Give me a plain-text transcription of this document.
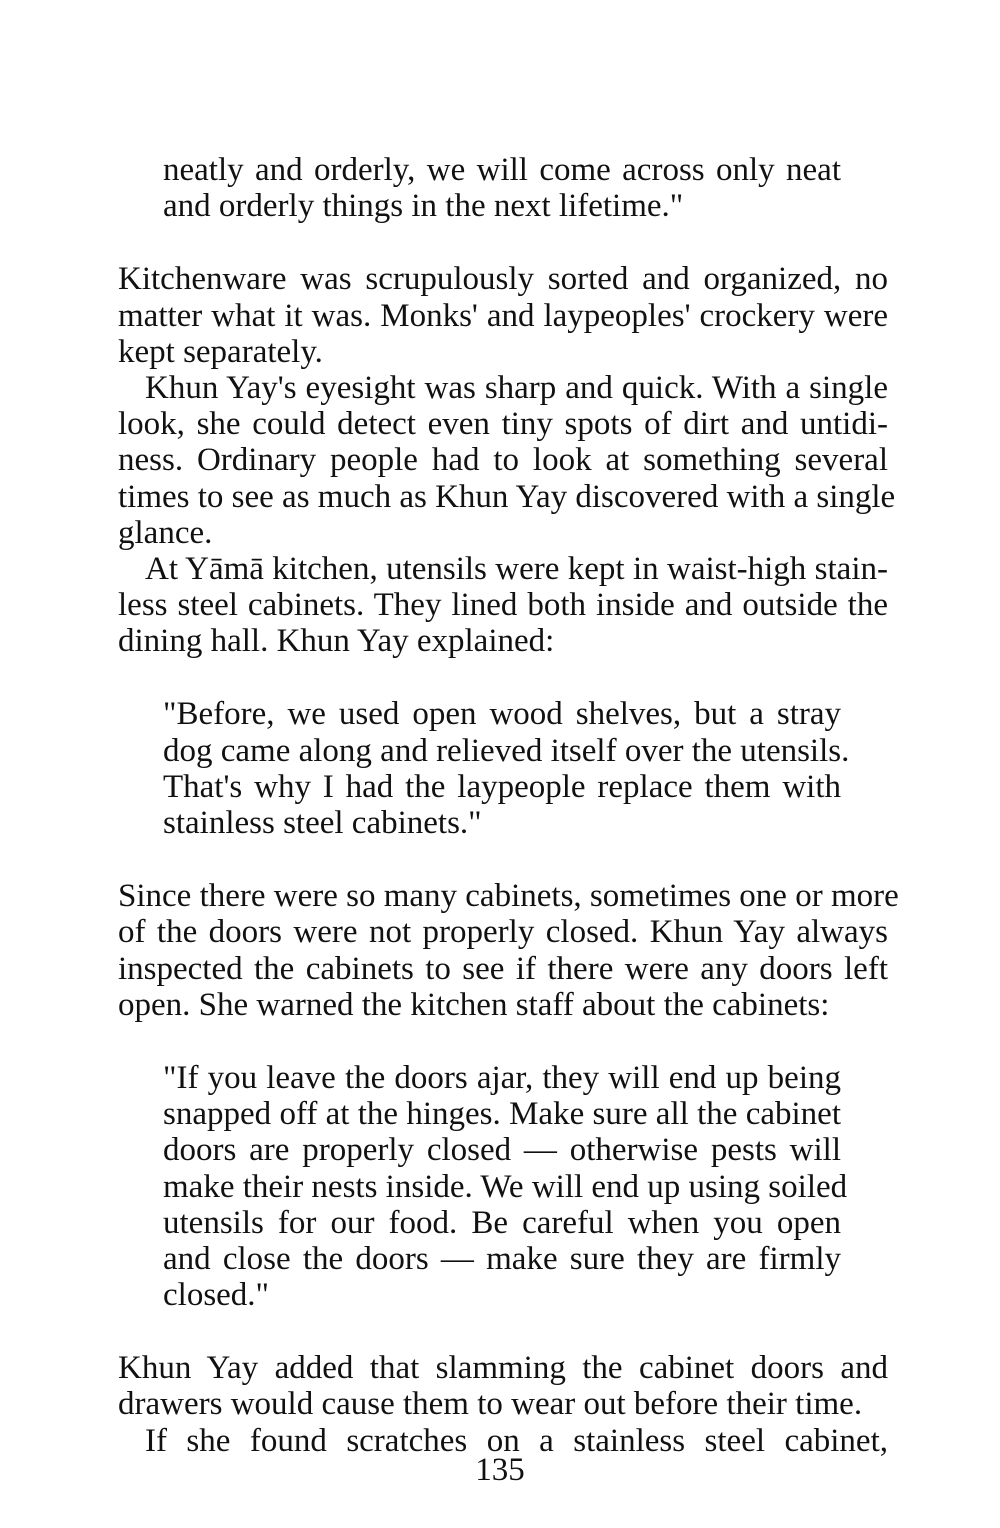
neatly and orderly, we will come across only neat
and orderly things in the next lifetime."
Kitchenware was scrupulously sorted and organized, no
matter what it was. Monks' and laypeoples' crockery were
kept separately.
Khun Yay's eyesight was sharp and quick. With a single
look, she could detect even tiny spots of dirt and untidi-
ness. Ordinary people had to look at something several
times to see as much as Khun Yay discovered with a single
glance.
At Yāmā kitchen, utensils were kept in waist-high stain-
less steel cabinets. They lined both inside and outside the
dining hall. Khun Yay explained:
"Before, we used open wood shelves, but a stray
dog came along and relieved itself over the utensils.
That's why I had the laypeople replace them with
stainless steel cabinets."
Since there were so many cabinets, sometimes one or more
of the doors were not properly closed. Khun Yay always
inspected the cabinets to see if there were any doors left
open. She warned the kitchen staff about the cabinets:
"If you leave the doors ajar, they will end up being
snapped off at the hinges. Make sure all the cabinet
doors are properly closed — otherwise pests will
make their nests inside. We will end up using soiled
utensils for our food. Be careful when you open
and close the doors — make sure they are firmly
closed."
Khun Yay added that slamming the cabinet doors and
drawers would cause them to wear out before their time.
If she found scratches on a stainless steel cabinet,
135
